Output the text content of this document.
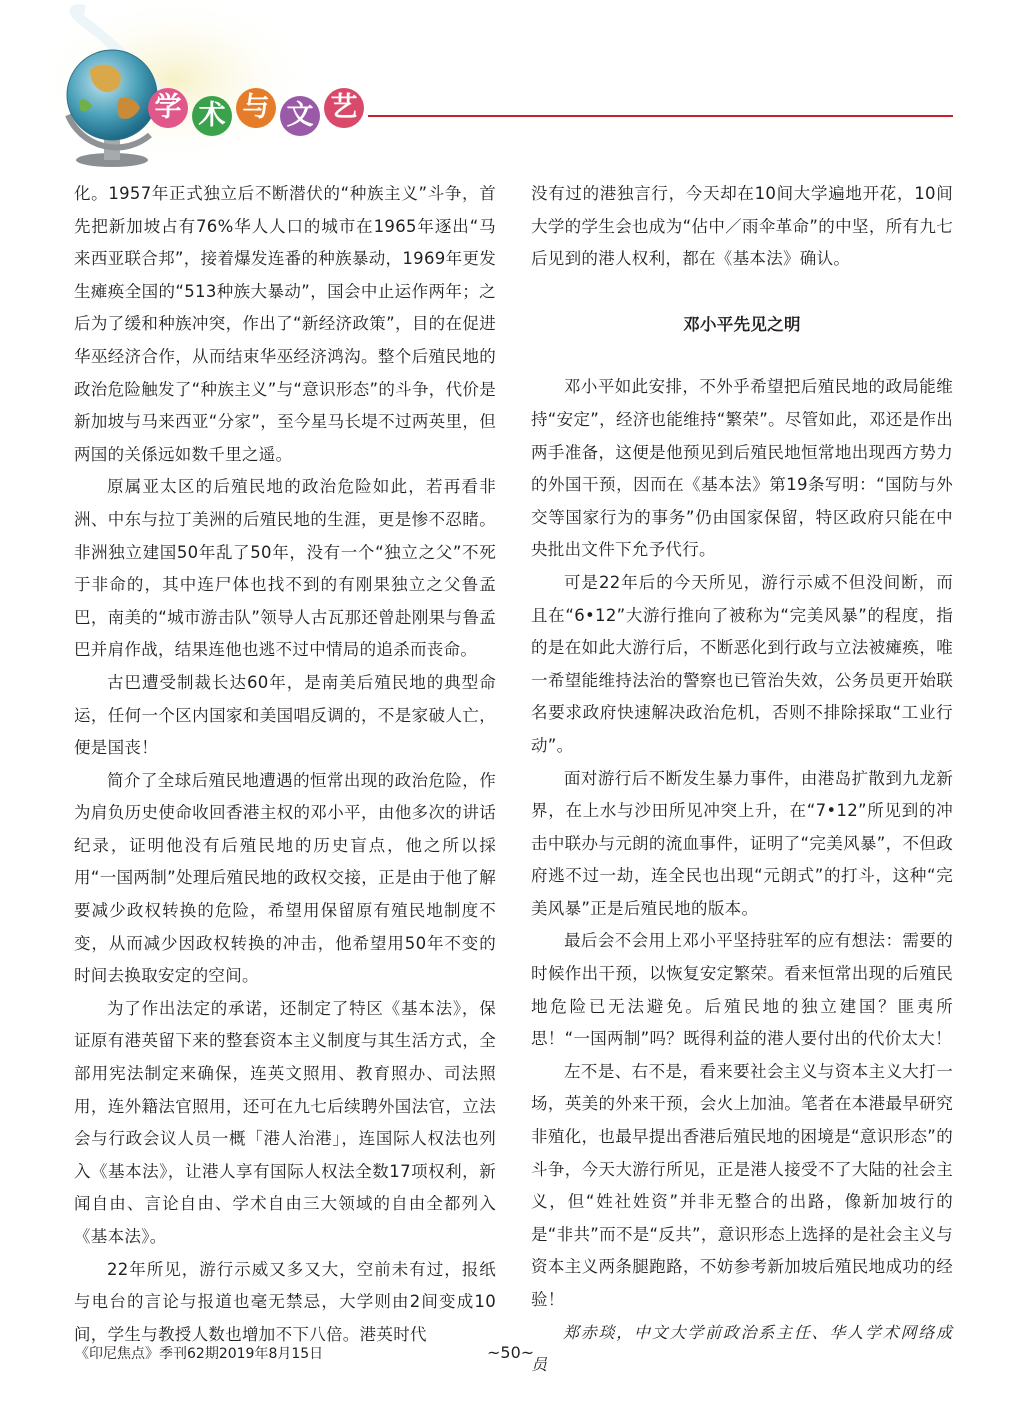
学 术 与 文 艺

化。1957年正式独立后不断潜伏的“种族主义”斗争，首先把新加坡占有76%华人人口的城市在1965年逐出“马来西亚联合邦”，接着爆发连番的种族暴动，1969年更发生瘫痪全国的“513种族大暴动”，国会中止运作两年；之后为了缓和种族冲突，作出了“新经济政策”，目的在促进华巫经济合作，从而结束华巫经济鸿沟。整个后殖民地的政治危险触发了“种族主义”与“意识形态”的斗争，代价是新加坡与马来西亚“分家”，至今星马长堤不过两英里，但两国的关係远如数千里之遥。

原属亚太区的后殖民地的政治危险如此，若再看非洲、中东与拉丁美洲的后殖民地的生涯，更是惨不忍睹。非洲独立建国50年乱了50年，没有一个“独立之父”不死于非命的，其中连尸体也找不到的有刚果独立之父鲁孟巴，南美的“城市游击队”领导人古瓦那还曾赴刚果与鲁孟巴并肩作战，结果连他也逃不过中情局的追杀而丧命。

古巴遭受制裁长达60年，是南美后殖民地的典型命运，任何一个区内国家和美国唱反调的，不是家破人亡，便是国丧！

简介了全球后殖民地遭遇的恒常出现的政治危险，作为肩负历史使命收回香港主权的邓小平，由他多次的讲话纪录，证明他没有后殖民地的历史盲点，他之所以採用“一国两制”处理后殖民地的政权交接，正是由于他了解要减少政权转换的危险，希望用保留原有殖民地制度不变，从而减少因政权转换的冲击，他希望用50年不变的时间去换取安定的空间。

为了作出法定的承诺，还制定了特区《基本法》，保证原有港英留下来的整套资本主义制度与其生活方式，全部用宪法制定来确保，连英文照用、教育照办、司法照用，连外籍法官照用，还可在九七后续聘外国法官，立法会与行政会议人员一概「港人治港」，连国际人权法也列入《基本法》，让港人享有国际人权法全数17项权利，新闻自由、言论自由、学术自由三大领域的自由全都列入《基本法》。

22年所见，游行示威又多又大，空前未有过，报纸与电台的言论与报道也毫无禁忌，大学则由2间变成10间，学生与教授人数也增加不下八倍。港英时代

没有过的港独言行，今天却在10间大学遍地开花，10间大学的学生会也成为“佔中／雨伞革命”的中坚，所有九七后见到的港人权利，都在《基本法》确认。

邓小平先见之明

邓小平如此安排，不外乎希望把后殖民地的政局能维持“安定”，经济也能维持“繁荣”。尽管如此，邓还是作出两手准备，这便是他预见到后殖民地恒常地出现西方势力的外国干预，因而在《基本法》第19条写明：“国防与外交等国家行为的事务”仍由国家保留，特区政府只能在中央批出文件下允予代行。

可是22年后的今天所见，游行示威不但没间断，而且在“6•12”大游行推向了被称为“完美风暴”的程度，指的是在如此大游行后，不断恶化到行政与立法被瘫痪，唯一希望能维持法治的警察也已管治失效，公务员更开始联名要求政府快速解决政治危机，否则不排除採取“工业行动”。

面对游行后不断发生暴力事件，由港岛扩散到九龙新界，在上水与沙田所见冲突上升，在“7•12”所见到的冲击中联办与元朗的流血事件，证明了“完美风暴”，不但政府逃不过一劫，连全民也出现“元朗式”的打斗，这种“完美风暴”正是后殖民地的版本。

最后会不会用上邓小平坚持驻军的应有想法：需要的时候作出干预，以恢复安定繁荣。看来恒常出现的后殖民地危险已无法避免。后殖民地的独立建国？匪夷所思！“一国两制”吗？既得利益的港人要付出的代价太大！

左不是、右不是，看来要社会主义与资本主义大打一场，英美的外来干预，会火上加油。笔者在本港最早研究非殖化，也最早提出香港后殖民地的困境是“意识形态”的斗争，今天大游行所见，正是港人接受不了大陆的社会主义，但“姓社姓资”并非无整合的出路，像新加坡行的是“非共”而不是“反共”，意识形态上选择的是社会主义与资本主义两条腿跑路，不妨参考新加坡后殖民地成功的经验！

郑赤琰，中文大学前政治系主任、华人学术网络成员

《印尼焦点》季刊62期2019年8月15日	~50~
